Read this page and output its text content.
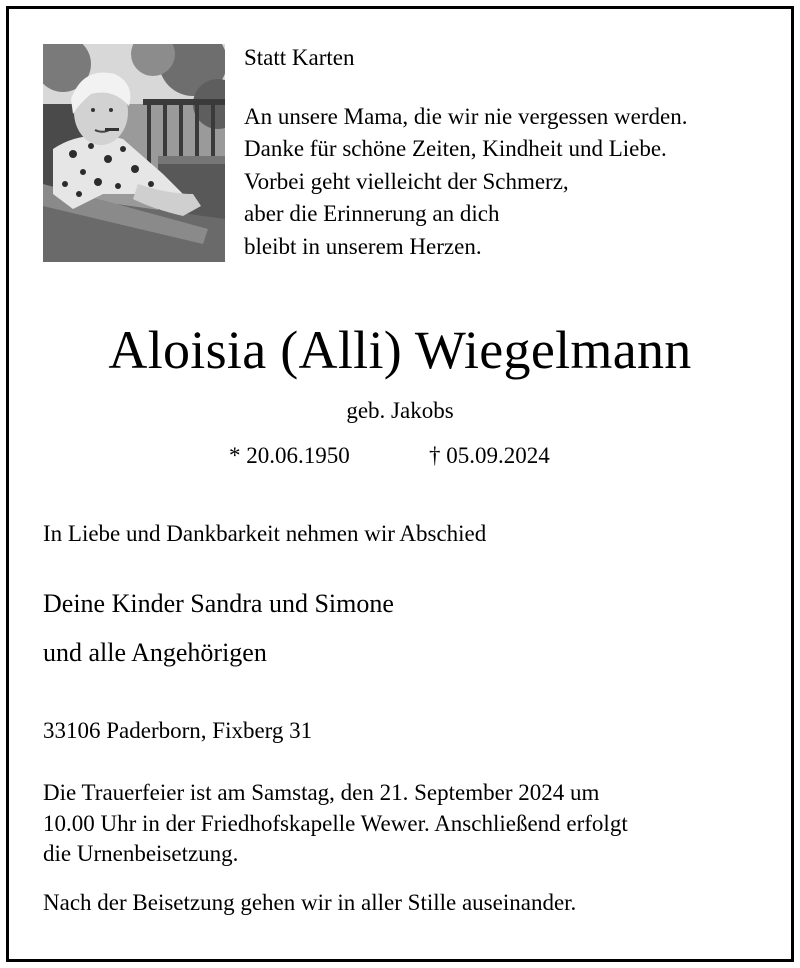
Statt Karten
An unsere Mama, die wir nie vergessen werden.
Danke für schöne Zeiten, Kindheit und Liebe.
Vorbei geht vielleicht der Schmerz,
aber die Erinnerung an dich
bleibt in unserem Herzen.
Aloisia (Alli) Wiegelmann
geb. Jakobs
* 20.06.1950	† 05.09.2024
In Liebe und Dankbarkeit nehmen wir Abschied
Deine Kinder Sandra und Simone
und alle Angehörigen
33106 Paderborn, Fixberg 31
Die Trauerfeier ist am Samstag, den 21. September 2024 um
10.00 Uhr in der Friedhofskapelle Wewer. Anschließend erfolgt
die Urnenbeisetzung.
Nach der Beisetzung gehen wir in aller Stille auseinander.
